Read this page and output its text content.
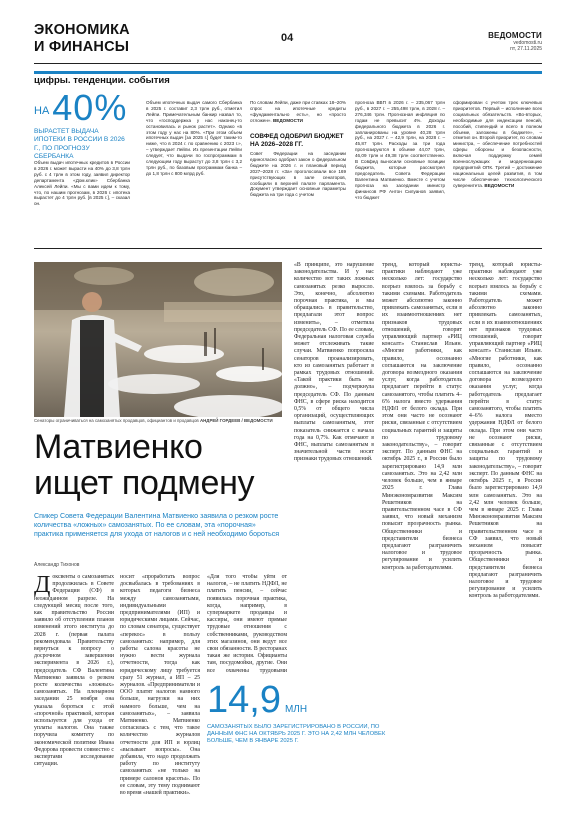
ЭКОНОМИКА
И ФИНАНСЫ
04	ВЕДОМОСТИ
vedomosti.ru
пт, 27.11.2025
цифры. тенденции. события
$^{НА}$40%
ВЫРАСТЕТ ВЫДАЧА ИПОТЕКИ В РОССИИ В 2026 Г., ПО ПРОГНОЗУ СБЕРБАНКА
Объем выдач ипотечных кредитов в России в 2026 г. может вырасти на 40% до 3,8 трлн руб. с 4 трлн в этом году, заявил директор департамента «Дом.клик» Сбербанка Алексей Лейпи. «Мы с вами идем к тому, что, по нашим прогнозам, в 2026 г. ипотека вырастет до 4 трлн руб. [в 2025 г.], – сказал он.
Объем ипотечных выдач самого Сбербанка в 2025 г. составит 2,3 трлн руб., отметил Лейпи. Примечательным банкир назвал то, что «господдержка у нас наконец-то остановилась и рынок растет». Однако «в этом году у нас на 80%. «При этом объем ипотечных выдач [за 2025 г.] будет таким-то ниже, что в 2024 г. по сравнению с 2023 г.», – утверждает Лейпи. Из презентации Лейпи следует, что выдачи по госпрограммам в следующем году вырастут до 3,8 трлн с 3,2 трлн руб., по базовым программам банка – до 1,8 трлн с 800 млрд руб.
По словам Лейпи, даже при ставках 18–20% спрос на ипотечные кредиты «фундаментально есть», но «просто отложен». ВЕДОМОСТИ
СОВФЕД ОДОБРИЛ БЮДЖЕТ НА 2026–2028 ГГ.
Совет Федерации на заседании единогласно одобрил закон о федеральном бюджете на 2026 г. и плановый период 2027–2028 гг. «За» проголосовали все 169 присутствующих в зале сенаторов, сообщили в верхней палате парламента. Документ утверждает основные параметры бюджета на три года с учетом
прогноза ВВП в 2026 г. – 235,067 трлн руб., в 2027 г. – 255,498 трлн, в 2028 г. – 276,346 трлн. Прогнозная инфляция по годам не превысит 4%. Доходы федерального бюджета в 2026 г. запланированы на уровне 40,28 трлн руб., на 2027 г. – 42,9 трлн, на 2028 г. – 45,87 трлн. Расходы за три года прогнозируются в объеме 44,07 трлн, 46,09 трлн и 49,38 трлн соответственно. В Совфед выносили основные позиции бюджета, которые рассмотрел председатель Совета Федерации Валентина Матвиенко. Вместе с учетом прогноза на заседании министр финансов РФ Антон Силуанов заявил, что бюджет
сформирован с учетом трех ключевых приоритетов. Первый – исполнение всех социальных обязательств. «Во-вторых, необходимые для индексации пенсий, пособий, стипендий и всего в полном объеме, заложены в бюджете», – отметил он. Второй приоритет, по словам министра, – обеспечение потребностей сферы обороны и безопасности, включая поддержку семей военнослужащих и модернизацию предприятий ОПК. Третий – достижение национальных целей развития, в том числе обеспечение технологического суверенитета. ВЕДОМОСТИ
Сенаторы ограничиваться на самозанятых продавцов, официантов и продавцов АНДРЕЙ ГОРДЕЕВ / ВЕДОМОСТИ
Матвиенко
ищет подмену
Спикер Совета Федерации Валентина Матвиенко заявила о резком росте количества «ложных» самозанятых. По ее словам, эта «порочная» практика применяется для ухода от налогов и с ней необходимо бороться
Александр Тихонов
Доксвенты о самозанятых продолжилась в Совете Федерации (СФ) в неожиданном разрезе. На следующей месяц после того, как правительство России заявило об отступлении планов изменений этого института до 2028 г. (первая палата рекомендовала Правительству вернуться к вопросу о досрочном завершении эксперимента в 2026 г.), председатель СФ Валентина Матвиенко заявила о резком росте количества «ложных» самозанятых. На пленарном заседании 25 ноября она указала бороться с этой «порочной» практикой, которая используется для ухода от уплаты налогов. Она также поручила комитету по экономической политике Ивана Федорова провести совместно с экспертами исследование ситуации.
носит «проработать вопрос досвыбалась в требованиях в которых педагоги бизнеса между самозанятыми, индивидуальными предпринимателями (ИП) и юридическими лицами. Сейчас, по словам сенатора, существует «перекос» в пользу самозанятых: например, для работы салона красоты не нужно вести журнала отчетности, тогда как юридическому лицу требуется сразу 51 журнал, а ИП – 25 журналов. «Предприниматели и ООО платят налогов намного больше, нагрузки на них намного больше, чем на самозанятых», – заявила Матвиенко. Матвиенко согласилась с тем, что такое количество журналов отчетности для ИП и юрлиц «вызывает вопросы». Она добавила, что надо продолжать работу по институту самозанятых «не только на примере салонов красоты». По ее словам, эту тему поднимают во время «нашей практики».
«Для того чтобы уйти от налогов, – не платить НДФЛ, не платить пенсии, – сейчас появилась порочная практика, когда, например, в супермаркете продавцы и кассиры, они имеют прямые трудовые отношения с собственниками, руководством этих магазинов, они ведут все свои обязанности. В ресторанах такая же история. Официанты там, посудомойки, другие. Они все охвачены трудовыми
«В принципе, это нарушение законодательства. И у нас количество вот таких ложных самозанятых резко выросло. Это, конечно, абсолютно порочная практика, и мы обращались в правительство, предлагали этот вопрос изменить», – отметила председатель СФ. По ее словам, Федеральная налоговая служба может отслеживать такие случаи. Матвиенко попросила сенаторов проанализировать, кто из самозанятых работает в рамках трудовых отношений. «Такой практики быть не должно», – подчеркнула председатель СФ. По данным ФНС, в сфере риска находится 0,5% от общего числа организаций, осуществляющих выплаты самозанятым, этот показатель снижается с начала года на 0,7%. Как отмечают в ФНС, выплаты самозанятым в значительной части носят признаки трудовых отношений.
тренд, который юристы-практики наблюдают уже несколько лет: государство всерьез взялось за борьбу с такими схемами. Работодатель может абсолютно законно привлекать самозанятых, если в их взаимоотношениях нет признаков трудовых отношений, говорит управляющий партнер «РИЦ консалт» Станислав Ильин. «Многие работники, как правило, осознанно соглашаются на заключение договора возмездного оказания услуг, когда работодатель предлагает перейти в статус самозанятого, чтобы платить 4–6% налога вместо удержания НДФЛ от белого оклада. При этом они часто не осознают риски, связанные с отсутствием социальных гарантий и защиты по трудовому законодательству», – говорит эксперт. По данным ФНС на октябрь 2025 г., в России было зарегистрировано 14,9 млн самозанятых. Это на 2,42 млн человек больше, чем в январе 2025 г. Глава Минэкономразвития Максим Решетников на правительственном часе в СФ заявил, что новый механизм повысит прозрачность рынка. Общественники и представители бизнеса предлагают разграничить налоговое и трудовое регулирование и усилить контроль за работодателями.
тренд, который юристы-практики наблюдают уже несколько лет: государство всерьез взялось за борьбу с такими схемами. Работодатель может абсолютно законно привлекать самозанятых, если в их взаимоотношениях нет признаков трудовых отношений, говорит управляющий партнер «РИЦ консалт» Станислав Ильин. «Многие работники, как правило, осознанно соглашаются на заключение договора возмездного оказания услуг, когда работодатель предлагает перейти в статус самозанятого, чтобы платить 4–6% налога вместо удержания НДФЛ от белого оклада. При этом они часто не осознают риски, связанные с отсутствием социальных гарантий и защиты по трудовому законодательству», – говорит эксперт. По данным ФНС на октябрь 2025 г., в России было зарегистрировано 14,9 млн самозанятых. Это на 2,42 млн человек больше, чем в январе 2025 г. Глава Минэкономразвития Максим Решетников на правительственном часе в СФ заявил, что новый механизм повысит прозрачность рынка. Общественники и представители бизнеса предлагают разграничить налоговое и трудовое регулирование и усилить контроль за работодателями.
14,9 МЛН
САМОЗАНЯТЫХ БЫЛО ЗАРЕГИСТРИРОВАНО В РОССИИ, ПО ДАННЫМ ФНС НА ОКТЯБРЬ 2025 Г. ЭТО НА 2,42 МЛН ЧЕЛОВЕК БОЛЬШЕ, ЧЕМ В ЯНВАРЕ 2025 Г.
